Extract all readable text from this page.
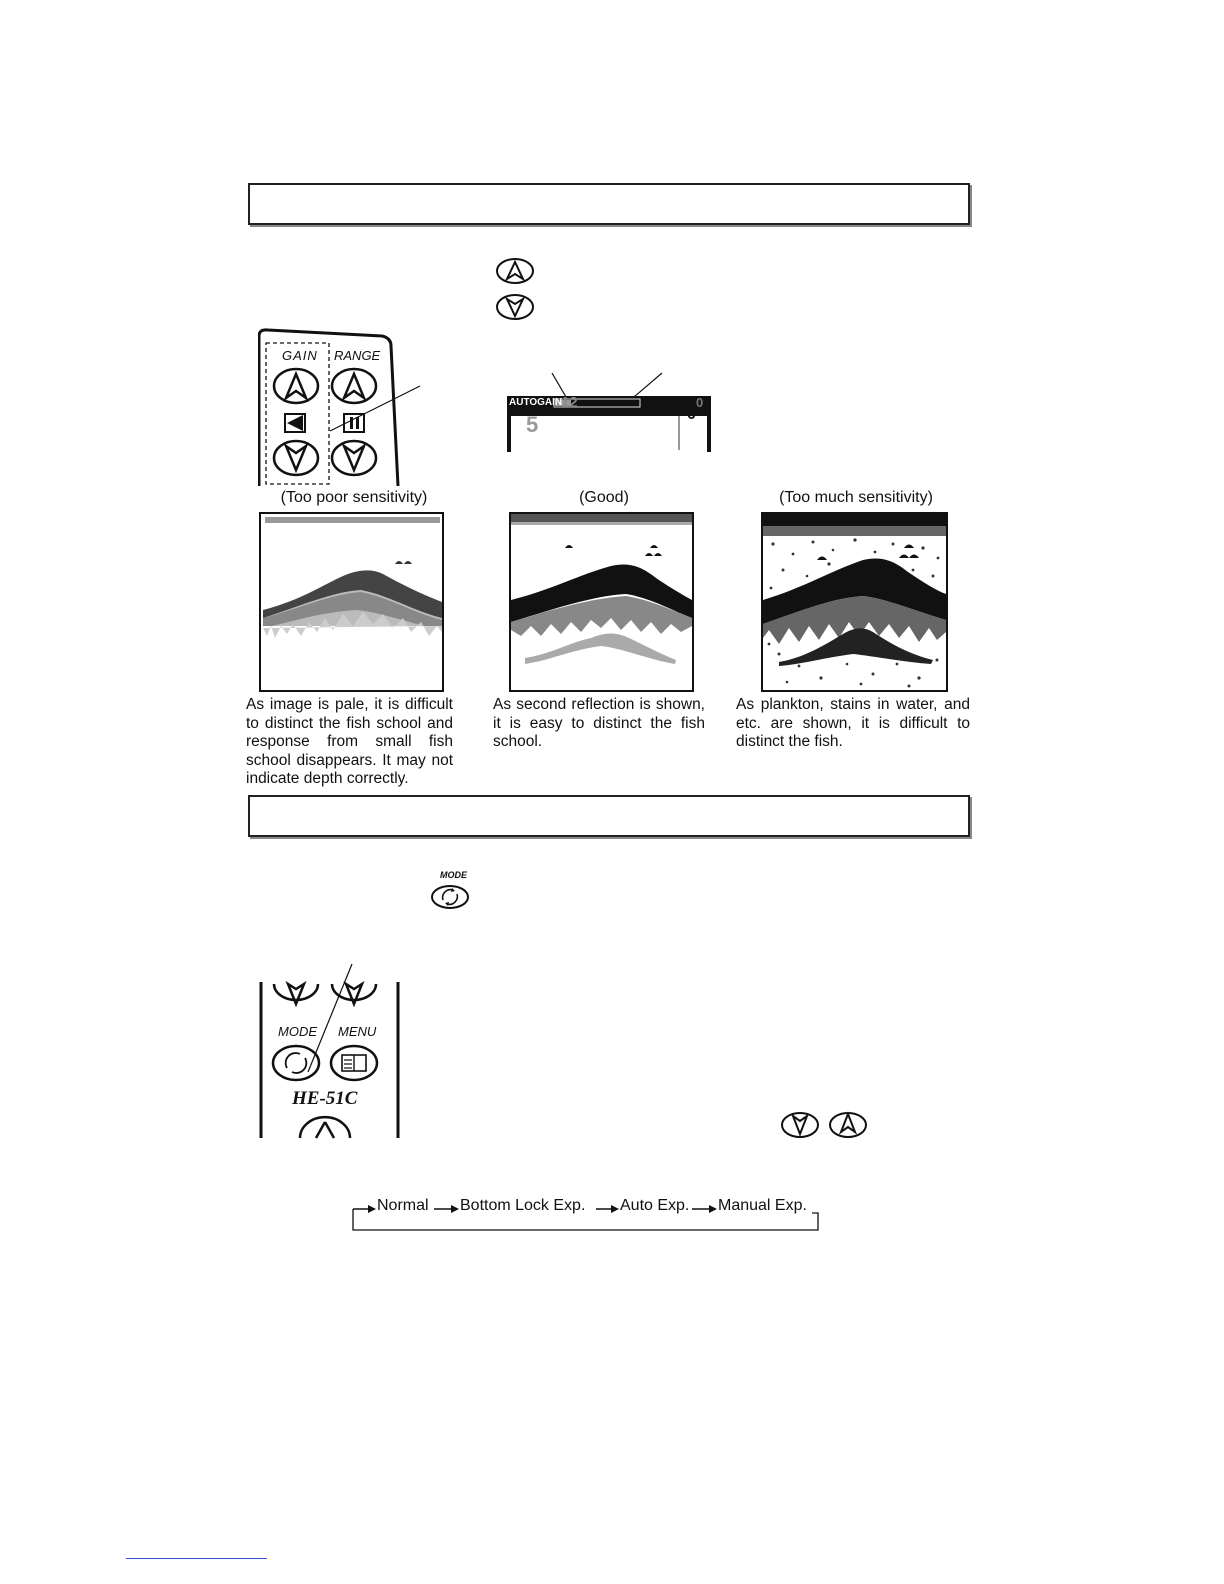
GAIN RANGE
AUTOGAIN
12
5
0
0
(Too poor sensitivity)	(Good)	(Too much sensitivity)
As image is pale, it is difficult to distinct the fish school and response from small fish school disappears. It may not indicate depth correctly.
As second reflection is shown, it is easy to distinct the fish school.
As plankton, stains in water, and etc. are shown, it is difficult to distinct the fish.
MODE
MODE MENU
HE-51C
Normal Bottom Lock Exp. Auto Exp. Manual Exp.
